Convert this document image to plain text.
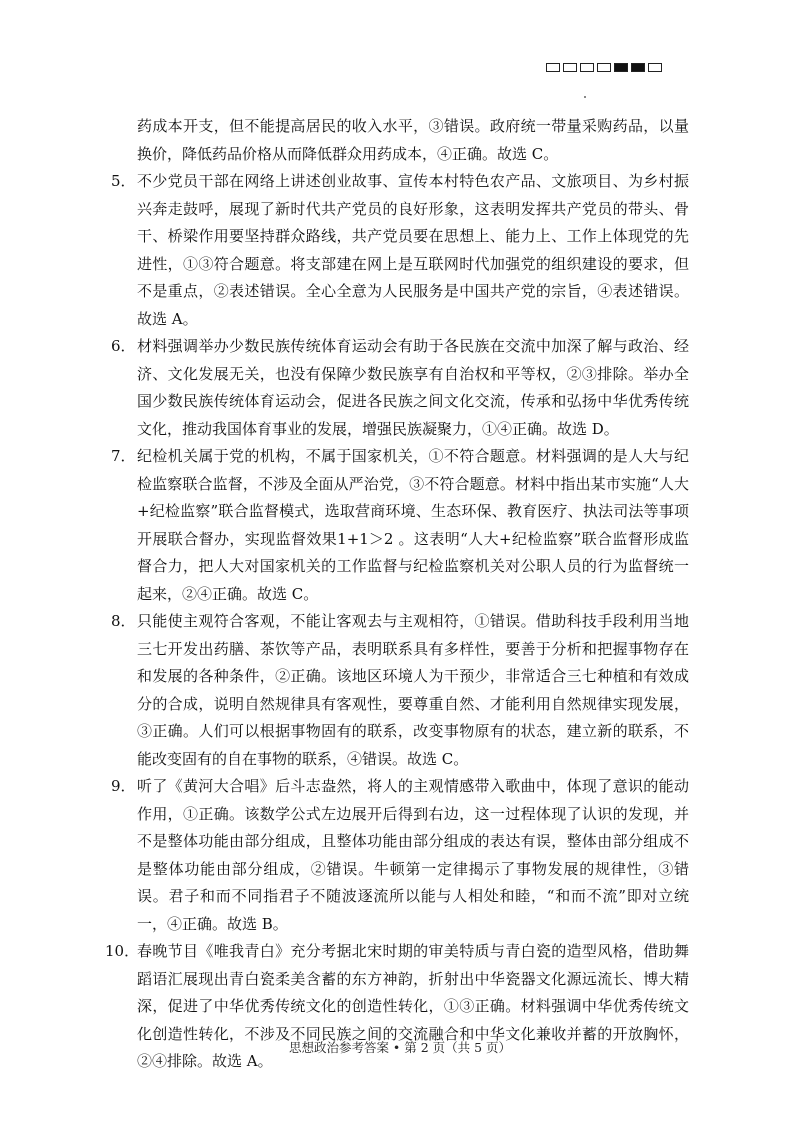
药成本开支，但不能提高居民的收入水平，③错误。政府统一带量采购药品，以量换价，降低药品价格从而降低群众用药成本，④正确。故选 C。
5． 不少党员干部在网络上讲述创业故事、宣传本村特色农产品、文旅项目、为乡村振兴奔走鼓呼，展现了新时代共产党员的良好形象，这表明发挥共产党员的带头、骨干、桥梁作用要坚持群众路线，共产党员要在思想上、能力上、工作上体现党的先进性，①③符合题意。将支部建在网上是互联网时代加强党的组织建设的要求，但不是重点，②表述错误。全心全意为人民服务是中国共产党的宗旨，④表述错误。故选 A。
6． 材料强调举办少数民族传统体育运动会有助于各民族在交流中加深了解与政治、经济、文化发展无关，也没有保障少数民族享有自治权和平等权，②③排除。举办全国少数民族传统体育运动会，促进各民族之间文化交流，传承和弘扬中华优秀传统文化，推动我国体育事业的发展，增强民族凝聚力，①④正确。故选 D。
7． 纪检机关属于党的机构，不属于国家机关，①不符合题意。材料强调的是人大与纪检监察联合监督，不涉及全面从严治党，③不符合题意。材料中指出某市实施“人大+纪检监察”联合监督模式，选取营商环境、生态环保、教育医疗、执法司法等事项开展联合督办，实现监督效果1+1＞2 。这表明“人大+纪检监察”联合监督形成监督合力，把人大对国家机关的工作监督与纪检监察机关对公职人员的行为监督统一起来，②④正确。故选 C。
8． 只能使主观符合客观，不能让客观去与主观相符，①错误。借助科技手段利用当地三七开发出药膳、茶饮等产品，表明联系具有多样性，要善于分析和把握事物存在和发展的各种条件，②正确。该地区环境人为干预少，非常适合三七种植和有效成分的合成，说明自然规律具有客观性，要尊重自然、才能利用自然规律实现发展，③正确。人们可以根据事物固有的联系，改变事物原有的状态，建立新的联系，不能改变固有的自在事物的联系，④错误。故选 C。
9． 听了《黄河大合唱》后斗志盎然，将人的主观情感带入歌曲中，体现了意识的能动作用，①正确。该数学公式左边展开后得到右边，这一过程体现了认识的发现，并不是整体功能由部分组成，且整体功能由部分组成的表达有误，整体由部分组成不是整体功能由部分组成，②错误。牛顿第一定律揭示了事物发展的规律性，③错误。君子和而不同指君子不随波逐流所以能与人相处和睦，“和而不流”即对立统一，④正确。故选 B。
10．
春晚节目《唯我青白》充分考据北宋时期的审美特质与青白瓷的造型风格，借助舞蹈语汇展现出青白瓷柔美含蓄的东方神韵，折射出中华瓷器文化源远流长、博大精深，促进了中华优秀传统文化的创造性转化，①③正确。材料强调中华优秀传统文化创造性转化，不涉及不同民族之间的交流融合和中华文化兼收并蓄的开放胸怀，②④排除。故选 A。
思想政治参考答案 • 第 2 页（共 5 页）
